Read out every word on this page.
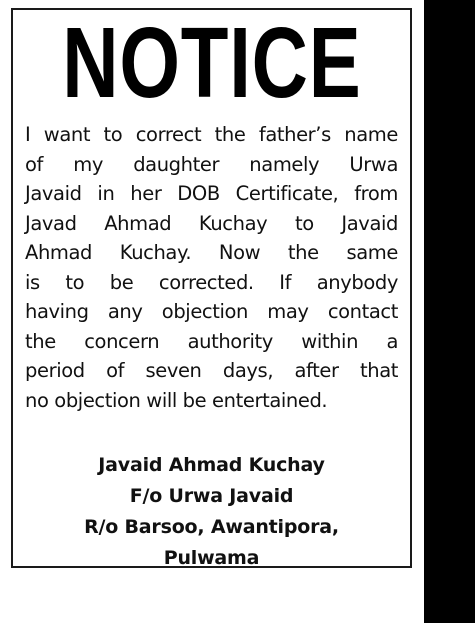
NOTICE
I want to correct the father’s name
of my daughter namely Urwa
Javaid in her DOB Certificate, from
Javad Ahmad Kuchay to Javaid
Ahmad Kuchay. Now the same
is to be corrected. If anybody
having any objection may contact
the concern authority within a
period of seven days, after that
no objection will be entertained.
Javaid Ahmad Kuchay
F/o Urwa Javaid
R/o Barsoo, Awantipora,
Pulwama
